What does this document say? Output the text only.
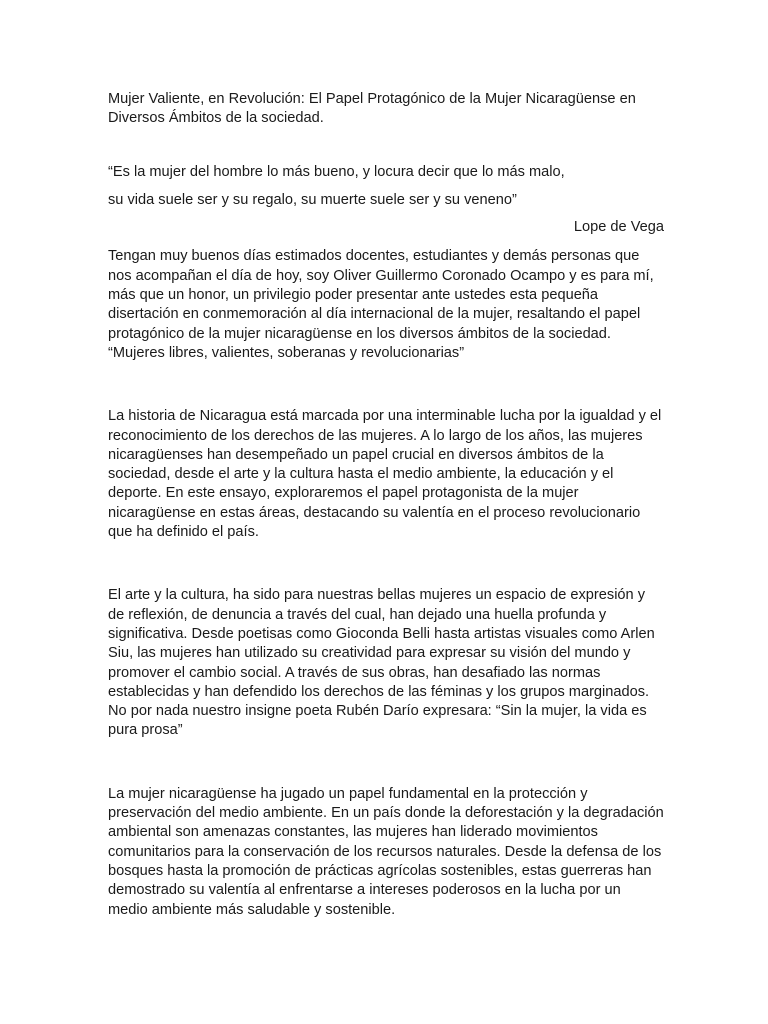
Mujer Valiente, en Revolución: El Papel Protagónico de la Mujer Nicaragüense en Diversos Ámbitos de la sociedad.

“Es la mujer del hombre lo más bueno, y locura decir que lo más malo,

su vida suele ser y su regalo, su muerte suele ser y su veneno”

Lope de Vega

Tengan muy buenos días estimados docentes, estudiantes y demás personas que nos acompañan el día de hoy, soy Oliver Guillermo Coronado Ocampo y es para mí, más que un honor, un privilegio poder presentar ante ustedes esta pequeña disertación en conmemoración al día internacional de la mujer, resaltando el papel protagónico de la mujer nicaragüense en los diversos ámbitos de la sociedad. “Mujeres libres, valientes, soberanas y revolucionarias”

La historia de Nicaragua está marcada por una interminable lucha por la igualdad y el reconocimiento de los derechos de las mujeres. A lo largo de los años, las mujeres nicaragüenses han desempeñado un papel crucial en diversos ámbitos de la sociedad, desde el arte y la cultura hasta el medio ambiente, la educación y el deporte. En este ensayo, exploraremos el papel protagonista de la mujer nicaragüense en estas áreas, destacando su valentía en el proceso revolucionario que ha definido el país.

El arte y la cultura, ha sido para nuestras bellas mujeres un espacio de expresión y de reflexión, de denuncia a través del cual, han dejado una huella profunda y significativa. Desde poetisas como Gioconda Belli hasta artistas visuales como Arlen Siu, las mujeres han utilizado su creatividad para expresar su visión del mundo y promover el cambio social. A través de sus obras, han desafiado las normas establecidas y han defendido los derechos de las féminas y los grupos marginados. No por nada nuestro insigne poeta Rubén Darío expresara: “Sin la mujer, la vida es pura prosa”

La mujer nicaragüense ha jugado un papel fundamental en la protección y preservación del medio ambiente. En un país donde la deforestación y la degradación ambiental son amenazas constantes, las mujeres han liderado movimientos comunitarios para la conservación de los recursos naturales. Desde la defensa de los bosques hasta la promoción de prácticas agrícolas sostenibles, estas guerreras han demostrado su valentía al enfrentarse a intereses poderosos en la lucha por un medio ambiente más saludable y sostenible.
